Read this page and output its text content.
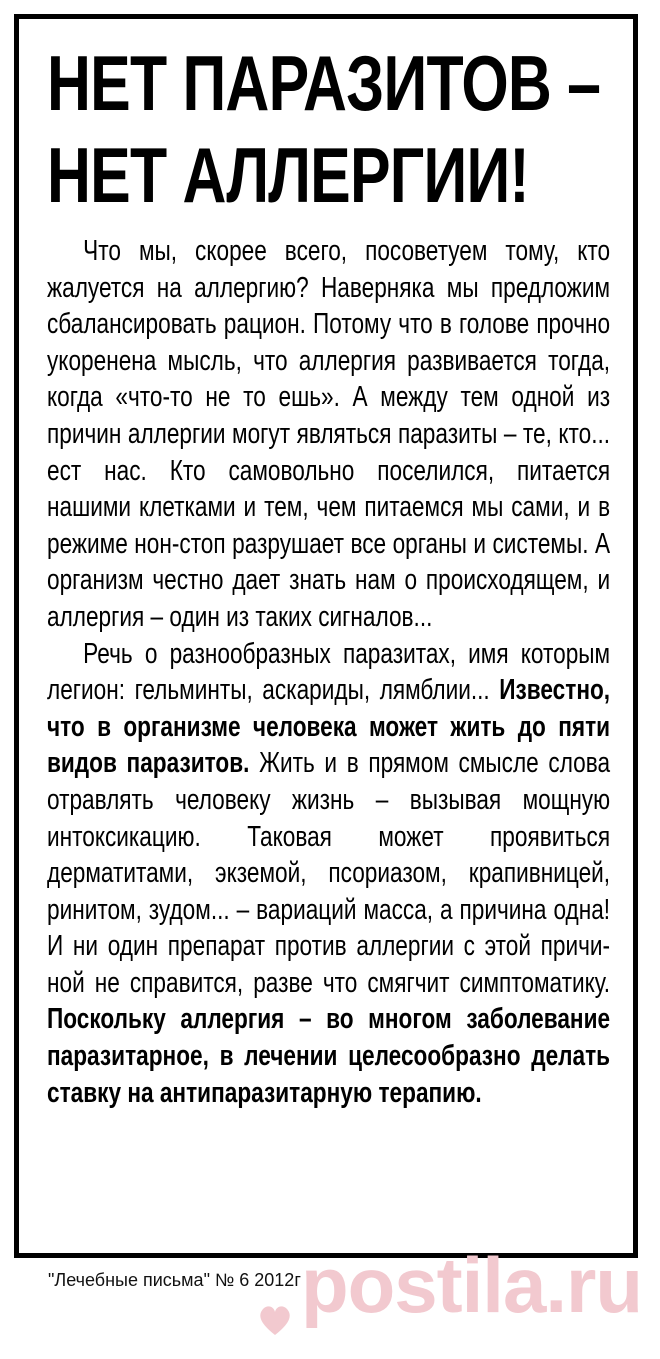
НЕТ ПАРАЗИТОВ –
НЕТ АЛЛЕРГИИ!

Что мы, скорее всего, посоветуем тому, кто жалуется на аллергию? Наверняка мы предложим сбалансировать рацион. Потому что в голове прочно укоренена мысль, что аллергия развивается тогда, когда «что-то не то ешь». А между тем одной из причин аллергии могут являться паразиты – те, кто... ест нас. Кто самовольно поселился, питается нашими клетками и тем, чем питаемся мы сами, и в режиме нон-стоп разрушает все органы и системы. А организм честно дает знать нам о происходящем, и аллергия – один из таких сигналов...

Речь о разнообразных паразитах, имя которым легион: гельминты, аскариды, лямблии... Известно, что в организме человека может жить до пяти видов паразитов. Жить и в прямом смысле слова отравлять человеку жизнь – вызывая мощную интоксикацию. Таковая может проявиться дерматитами, экземой, псориазом, крапивницей, ринитом, зудом... – вариаций масса, а причина одна! И ни один препарат против аллергии с этой причиной не справится, разве что смягчит симптоматику. Поскольку аллергия – во многом заболевание паразитарное, в лечении целесообразно делать ставку на антипаразитарную терапию.

"Лечебные письма" № 6 2012г postila.ru
